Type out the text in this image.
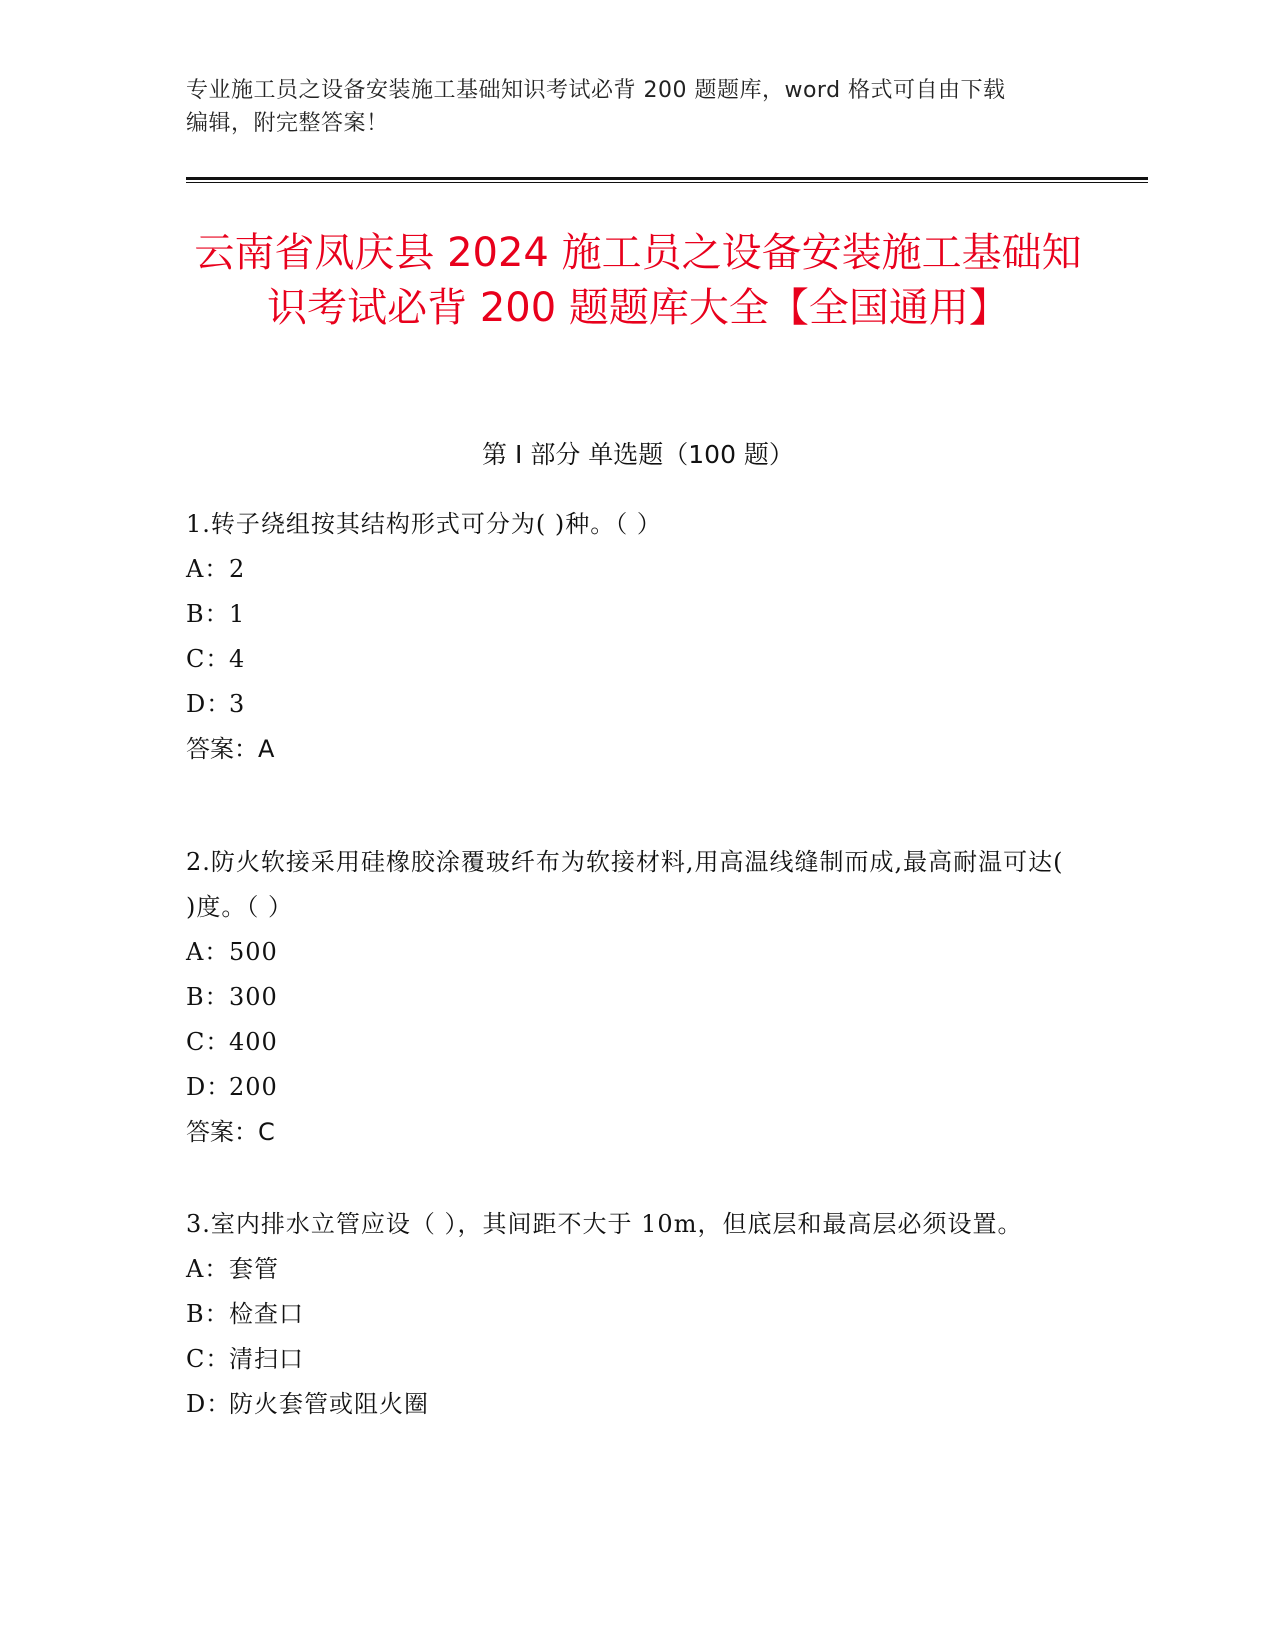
专业施工员之设备安装施工基础知识考试必背 200 题题库，word 格式可自由下载
编辑，附完整答案！
云南省凤庆县 2024 施工员之设备安装施工基础知识考试必背 200 题题库大全【全国通用】
第 I 部分 单选题（100 题）
1.转子绕组按其结构形式可分为( )种。（ ）
A：2
B：1
C：4
D：3
答案：A
2.防火软接采用硅橡胶涂覆玻纤布为软接材料,用高温线缝制而成,最高耐温可达( )度。（ ）
A：500
B：300
C：400
D：200
答案：C
3.室内排水立管应设（ ），其间距不大于 10m，但底层和最高层必须设置。
A：套管
B：检查口
C：清扫口
D：防火套管或阻火圈
